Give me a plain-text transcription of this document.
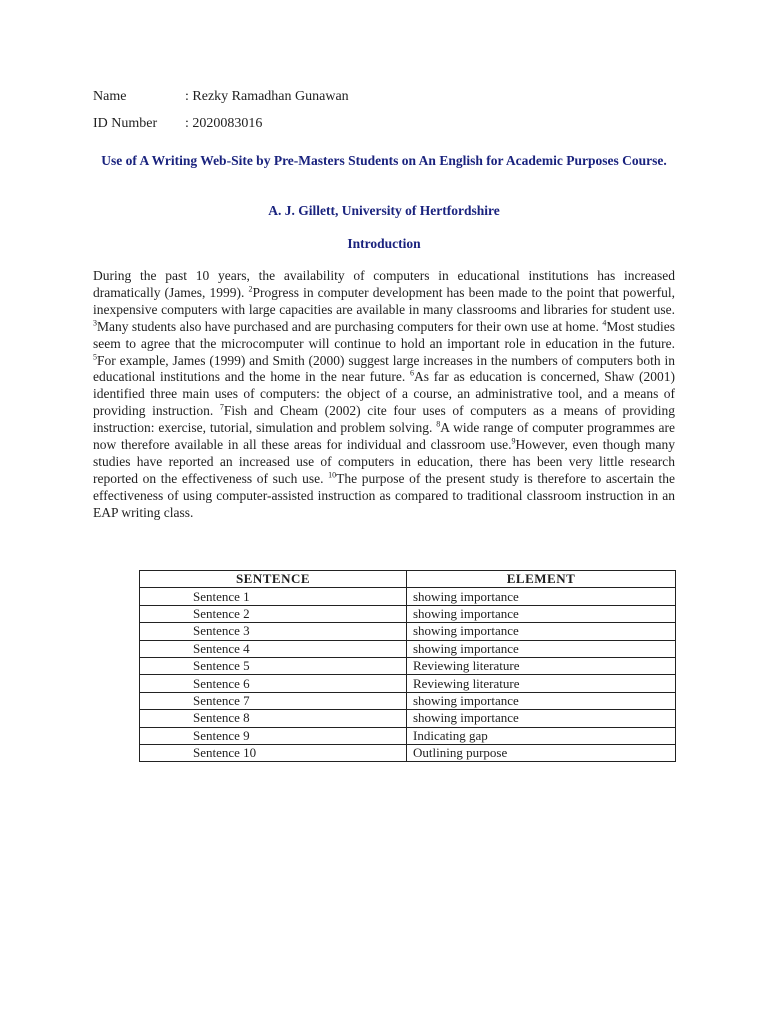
Name	: Rezky Ramadhan Gunawan
ID Number : 2020083016
Use of A Writing Web-Site by Pre-Masters Students on An English for Academic Purposes Course.
A. J. Gillett, University of Hertfordshire
Introduction

During the past 10 years, the availability of computers in educational institutions has increased dramatically (James, 1999). $^2$Progress in computer development has been made to the point that powerful, inexpensive computers with large capacities are available in many classrooms and libraries for student use. $^3$Many students also have purchased and are purchasing computers for their own use at home. $^4$Most studies seem to agree that the microcomputer will continue to hold an important role in education in the future. $^5$For example, James (1999) and Smith (2000) suggest large increases in the numbers of computers both in educational institutions and the home in the near future. $^6$As far as education is concerned, Shaw (2001) identified three main uses of computers: the object of a course, an administrative tool, and a means of providing instruction. $^7$Fish and Cheam (2002) cite four uses of computers as a means of providing instruction: exercise, tutorial, simulation and problem solving. $^8$A wide range of computer programmes are now therefore available in all these areas for individual and classroom use.$^9$However, even though many studies have reported an increased use of computers in education, there has been very little research reported on the effectiveness of such use. $^{10}$The purpose of the present study is therefore to ascertain the effectiveness of using computer-assisted instruction as compared to traditional classroom instruction in an EAP writing class.

SENTENCE	ELEMENT
Sentence 1	showing importance
Sentence 2	showing importance
Sentence 3	showing importance
Sentence 4	showing importance
Sentence 5	Reviewing literature
Sentence 6	Reviewing literature
Sentence 7	showing importance
Sentence 8	showing importance
Sentence 9	Indicating gap
Sentence 10	Outlining purpose
